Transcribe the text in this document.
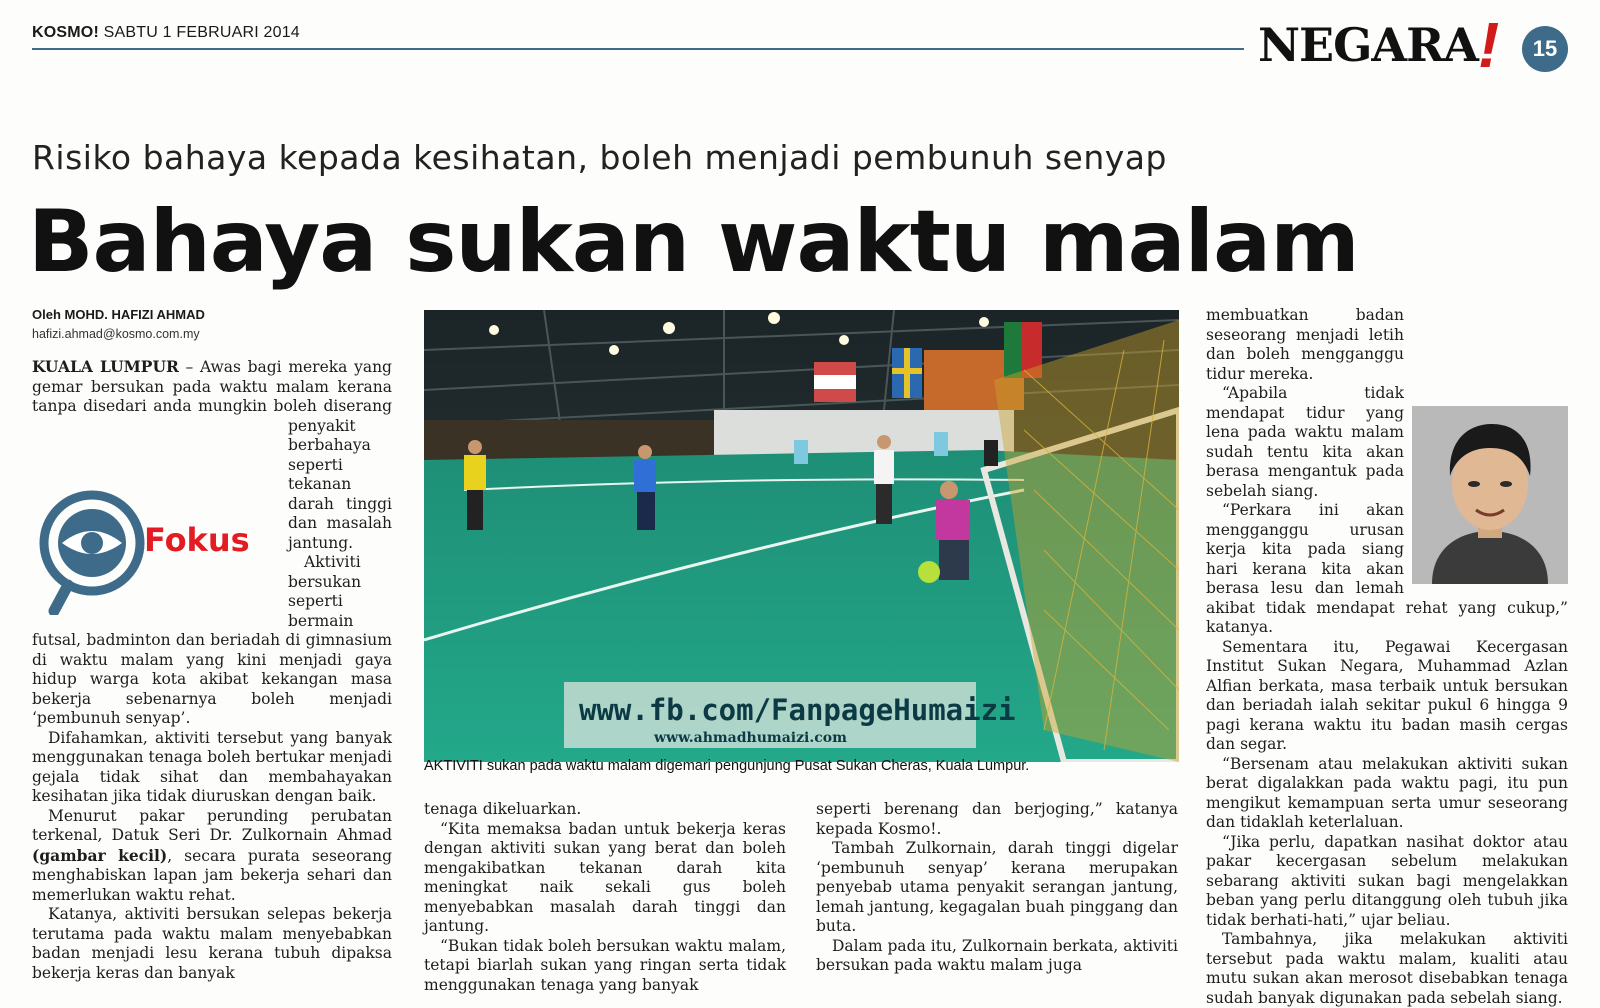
KOSMO! SABTU 1 FEBRUARI 2014	NEGARA !	15
Risiko bahaya kepada kesihatan, boleh menjadi pembunuh senyap
Bahaya sukan waktu malam
Oleh MOHD. HAFIZI AHMAD
hafizi.ahmad@kosmo.com.my

KUALA LUMPUR – Awas bagi mereka yang gemar bersukan pada waktu malam kerana tanpa disedari anda mungkin boleh
Fokus
diserang penyakit berbahaya seperti tekanan darah tinggi dan masalah jantung.

Aktiviti bersukan seperti bermain futsal, badminton dan beriadah di gimnasium di waktu malam yang kini menjadi gaya hidup warga kota akibat kekangan masa bekerja sebenarnya boleh menjadi ‘pembunuh senyap’.

Difahamkan, aktiviti tersebut yang banyak menggunakan tenaga boleh bertukar menjadi gejala tidak sihat dan membahayakan kesihatan jika tidak diuruskan dengan baik.

Menurut pakar perunding perubatan terkenal, Datuk Seri Dr. Zulkornain Ahmad (gambar kecil), secara purata seseorang menghabiskan lapan jam bekerja sehari dan memerlukan waktu rehat.

Katanya, aktiviti bersukan selepas bekerja terutama pada waktu malam menyebabkan badan menjadi lesu kerana tubuh dipaksa bekerja keras dan banyak

www.fb.com/FanpageHumaizi
www.ahmadhumaizi.com
AKTIVITI sukan pada waktu malam digemari pengunjung Pusat Sukan Cheras, Kuala Lumpur.

tenaga dikeluarkan.

“Kita memaksa badan untuk bekerja keras dengan aktiviti sukan yang berat dan boleh mengakibatkan tekanan darah kita meningkat naik sekali gus boleh menyebabkan masalah darah tinggi dan jantung.

“Bukan tidak boleh bersukan waktu malam, tetapi biarlah sukan yang ringan serta tidak menggunakan tenaga yang banyak

seperti berenang dan berjoging,” katanya kepada Kosmo!.

Tambah Zulkornain, darah tinggi digelar ‘pembunuh senyap’ kerana merupakan penyebab utama penyakit serangan jantung, lemah jantung, kegagalan buah pinggang dan buta.

Dalam pada itu, Zulkornain berkata, aktiviti bersukan pada waktu malam juga

membuatkan badan seseorang menjadi letih dan boleh mengganggu tidur mereka.

“Apabila tidak mendapat tidur yang lena pada waktu malam sudah tentu kita akan berasa mengantuk pada sebelah siang.

“Perkara ini akan mengganggu urusan kerja kita pada siang hari kerana kita akan berasa lesu dan lemah akibat tidak mendapat rehat yang cukup,” katanya.

Sementara itu, Pegawai Kecergasan Institut Sukan Negara, Muhammad Azlan Alfian berkata, masa terbaik untuk bersukan dan beriadah ialah sekitar pukul 6 hingga 9 pagi kerana waktu itu badan masih cergas dan segar.

“Bersenam atau melakukan aktiviti sukan berat digalakkan pada waktu pagi, itu pun mengikut kemampuan serta umur seseorang dan tidaklah keterlaluan.

“Jika perlu, dapatkan nasihat doktor atau pakar kecergasan sebelum melakukan sebarang aktiviti sukan bagi mengelakkan beban yang perlu ditanggung oleh tubuh jika tidak berhati-hati,” ujar beliau.

Tambahnya, jika melakukan aktiviti tersebut pada waktu malam, kualiti atau mutu sukan akan merosot disebabkan tenaga sudah banyak digunakan pada sebelah siang.
